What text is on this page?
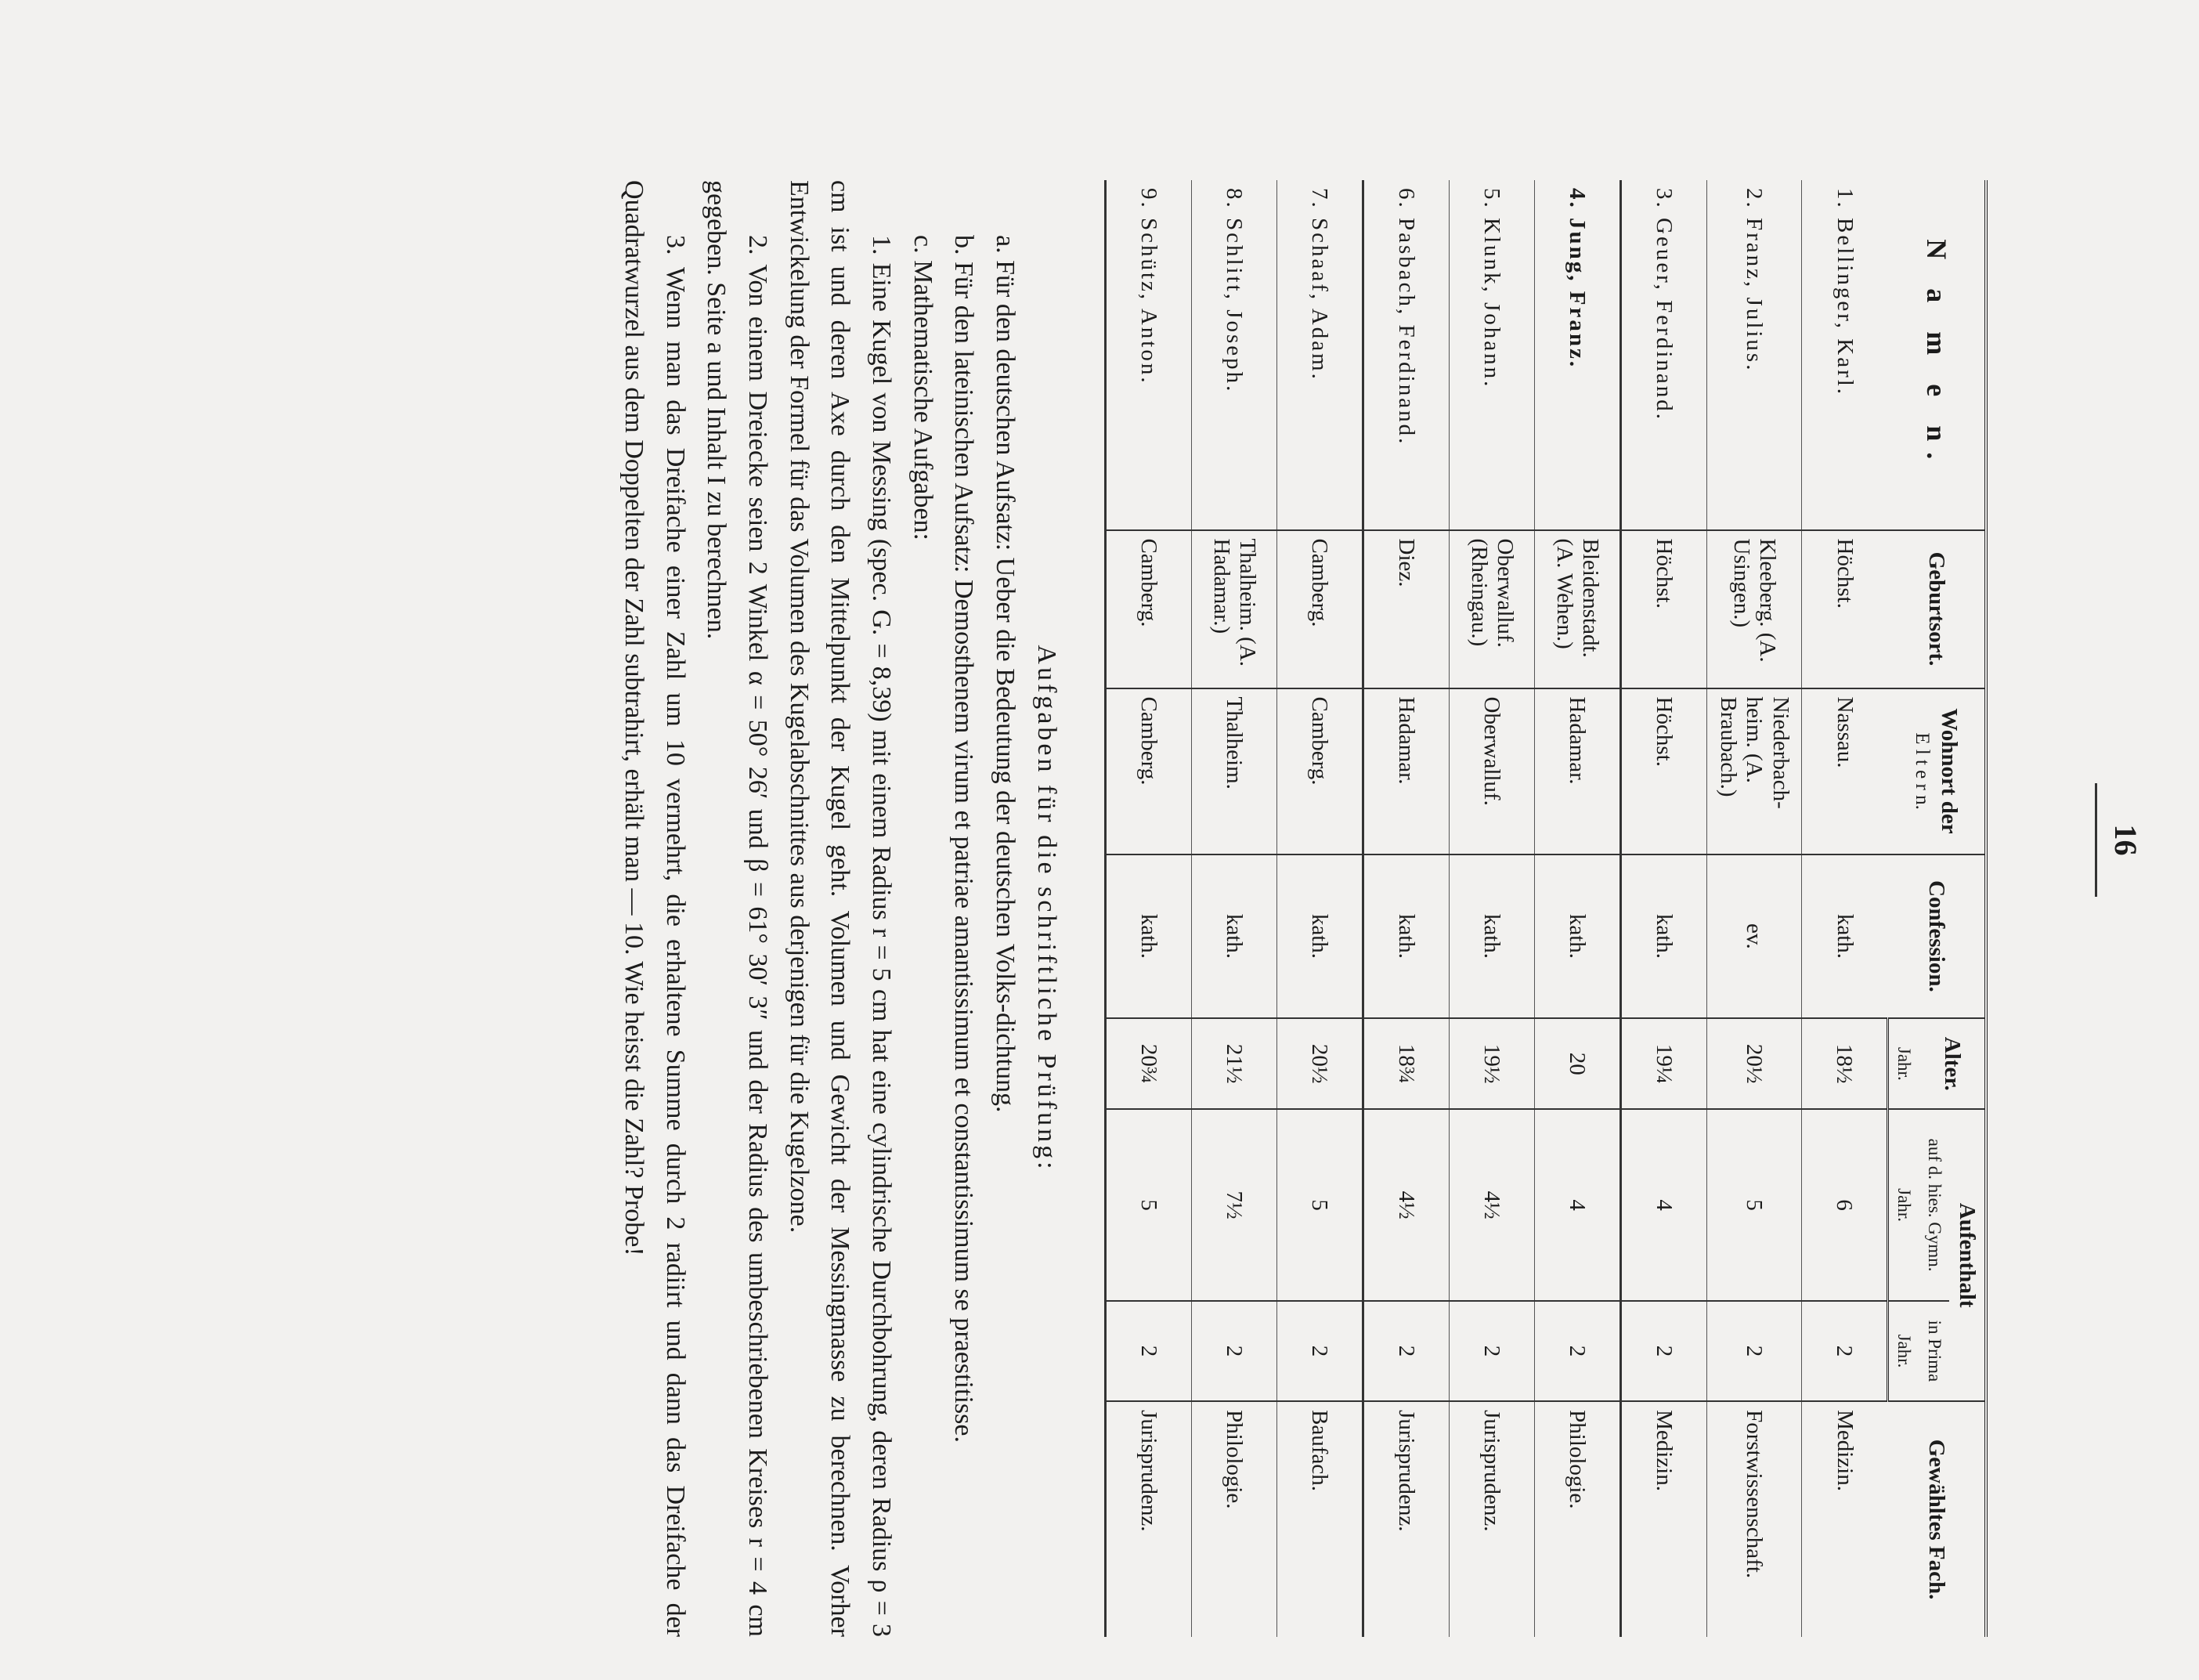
16
N a m e n.	Geburtsort.	Wohnort der
E l t e r n.	Confession.	Alter.	Aufenthalt		Gewähltes Fach.
					auf d. hies. Gymn.	in Prima	
				Jahr.	Jahr.	Jahr.	
1. Bellinger, Karl.	Höchst.	Nassau.	kath.	18½	6	2	Medizin.
2. Franz, Julius.	Kleeberg. (A. Usingen.)	Niederbach-heim. (A. Braubach.)	ev.	20½	5	2	Forstwissenschaft.
3. Geuer, Ferdinand.	Höchst.	Höchst.	kath.	19¼	4	2	Medizin.
4. Jung, Franz.	Bleidenstadt. (A. Wehen.)	Hadamar.	kath.	20	4	2	Philologie.
5. Klunk, Johann.	Oberwalluf. (Rheingau.)	Oberwalluf.	kath.	19½	4½	2	Jurisprudenz.
6. Pasbach, Ferdinand.	Diez.	Hadamar.	kath.	18¾	4½	2	Jurisprudenz.
7. Schaaf, Adam.	Camberg.	Camberg.	kath.	20½	5	2	Baufach.
8. Schlitt, Joseph.	Thalheim. (A. Hadamar.)	Thalheim.	kath.	21½	7½	2	Philologie.
9. Schütz, Anton.	Camberg.	Camberg.	kath.	20¾	5	2	Jurisprudenz.

Aufgaben für die schriftliche Prüfung:

a. Für den deutschen Aufsatz: Ueber die Bedeutung der deutschen Volks-dichtung.

b. Für den lateinischen Aufsatz: Demosthenem virum et patriae amantissimum et constantissimum se praestitisse.

c. Mathematische Aufgaben:

1. Eine Kugel von Messing (spec. G. = 8,39) mit einem Radius r = 5 cm hat eine cylindrische Durchbohrung, deren Radius ρ = 3 cm ist und deren Axe durch den Mittelpunkt der Kugel geht. Volumen und Gewicht der Messingmasse zu berechnen. Vorher Entwickelung der Formel für das Volumen des Kugelabschnittes aus derjenigen für die Kugelzone.

2. Von einem Dreiecke seien 2 Winkel α = 50° 26′ und β = 61° 30′ 3″ und der Radius des umbeschriebenen Kreises r = 4 cm gegeben. Seite a und Inhalt I zu berechnen.

3. Wenn man das Dreifache einer Zahl um 10 vermehrt, die erhaltene Summe durch 2 radiirt und dann das Dreifache der Quadratwurzel aus dem Doppelten der Zahl subtrahirt, erhält man — 10. Wie heisst die Zahl? Probe!
